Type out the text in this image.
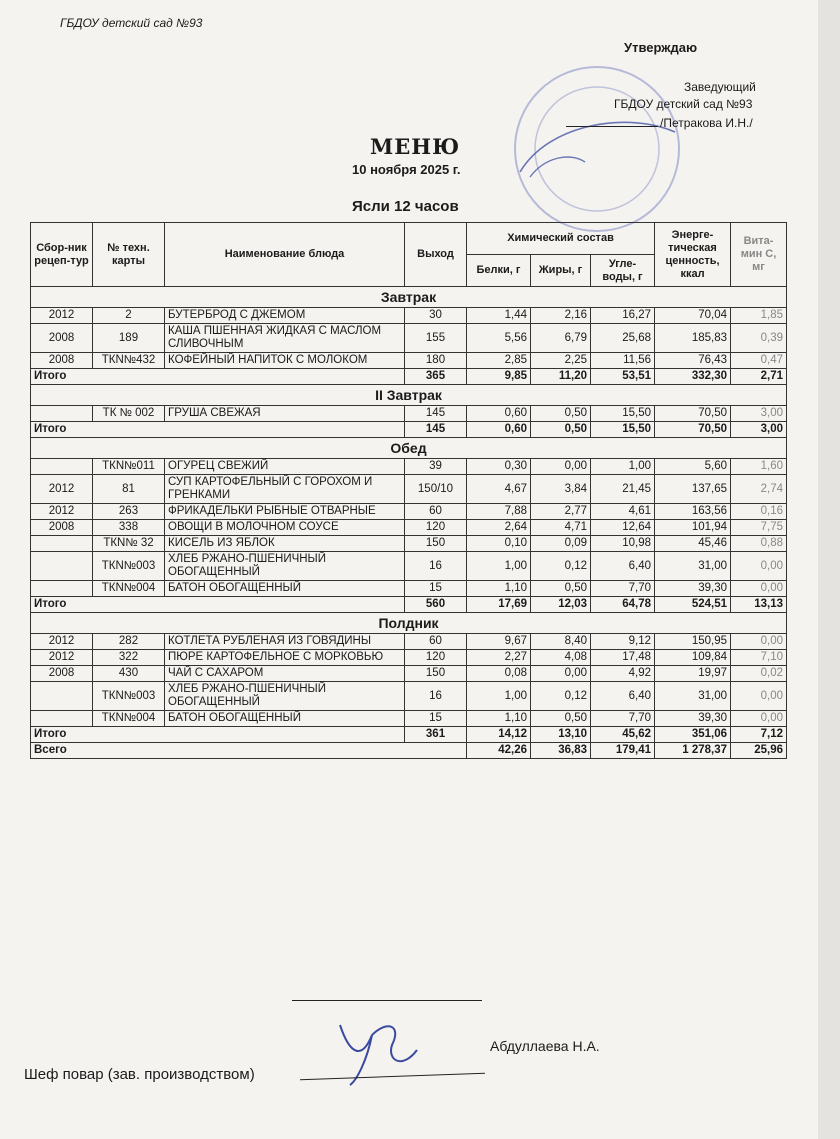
ГБДОУ детский сад №93
Утверждаю
Заведующий
ГБДОУ детский сад №93
/Петракова И.Н./
МЕНЮ
10 ноября 2025 г.
Ясли 12 часов
Сбор-ник рецеп-тур	№ техн. карты	Наименование блюда	Выход	Химический состав			Энерге-тическая ценность, ккал	Вита-мин С, мг
				Белки, г	Жиры, г	Угле-воды, г		
Завтрак								
2012	2	БУТЕРБРОД С ДЖЕМОМ	30	1,44	2,16	16,27	70,04	1,85
2008	189	КАША ПШЕННАЯ ЖИДКАЯ С МАСЛОМ СЛИВОЧНЫМ	155	5,56	6,79	25,68	185,83	0,39
2008	ТКN№432	КОФЕЙНЫЙ НАПИТОК С МОЛОКОМ	180	2,85	2,25	11,56	76,43	0,47
Итого			365	9,85	11,20	53,51	332,30	2,71
II Завтрак								
	ТК № 002	ГРУША СВЕЖАЯ	145	0,60	0,50	15,50	70,50	3,00
Итого			145	0,60	0,50	15,50	70,50	3,00
Обед								
	ТКN№011	ОГУРЕЦ СВЕЖИЙ	39	0,30	0,00	1,00	5,60	1,60
2012	81	СУП КАРТОФЕЛЬНЫЙ С ГОРОХОМ И ГРЕНКАМИ	150/10	4,67	3,84	21,45	137,65	2,74
2012	263	ФРИКАДЕЛЬКИ РЫБНЫЕ ОТВАРНЫЕ	60	7,88	2,77	4,61	163,56	0,16
2008	338	ОВОЩИ В МОЛОЧНОМ СОУСЕ	120	2,64	4,71	12,64	101,94	7,75
	ТКN№ 32	КИСЕЛЬ ИЗ ЯБЛОК	150	0,10	0,09	10,98	45,46	0,88
	ТКN№003	ХЛЕБ РЖАНО-ПШЕНИЧНЫЙ ОБОГАЩЕННЫЙ	16	1,00	0,12	6,40	31,00	0,00
	ТКN№004	БАТОН ОБОГАЩЕННЫЙ	15	1,10	0,50	7,70	39,30	0,00
Итого			560	17,69	12,03	64,78	524,51	13,13
Полдник								
2012	282	КОТЛЕТА РУБЛЕНАЯ ИЗ ГОВЯДИНЫ	60	9,67	8,40	9,12	150,95	0,00
2012	322	ПЮРЕ КАРТОФЕЛЬНОЕ С МОРКОВЬЮ	120	2,27	4,08	17,48	109,84	7,10
2008	430	ЧАЙ С САХАРОМ	150	0,08	0,00	4,92	19,97	0,02
	ТКN№003	ХЛЕБ РЖАНО-ПШЕНИЧНЫЙ ОБОГАЩЕННЫЙ	16	1,00	0,12	6,40	31,00	0,00
	ТКN№004	БАТОН ОБОГАЩЕННЫЙ	15	1,10	0,50	7,70	39,30	0,00
Итого			361	14,12	13,10	45,62	351,06	7,12
Всего				42,26	36,83	179,41	1 278,37	25,96
Абдуллаева Н.А.
Шеф повар (зав. производством)
